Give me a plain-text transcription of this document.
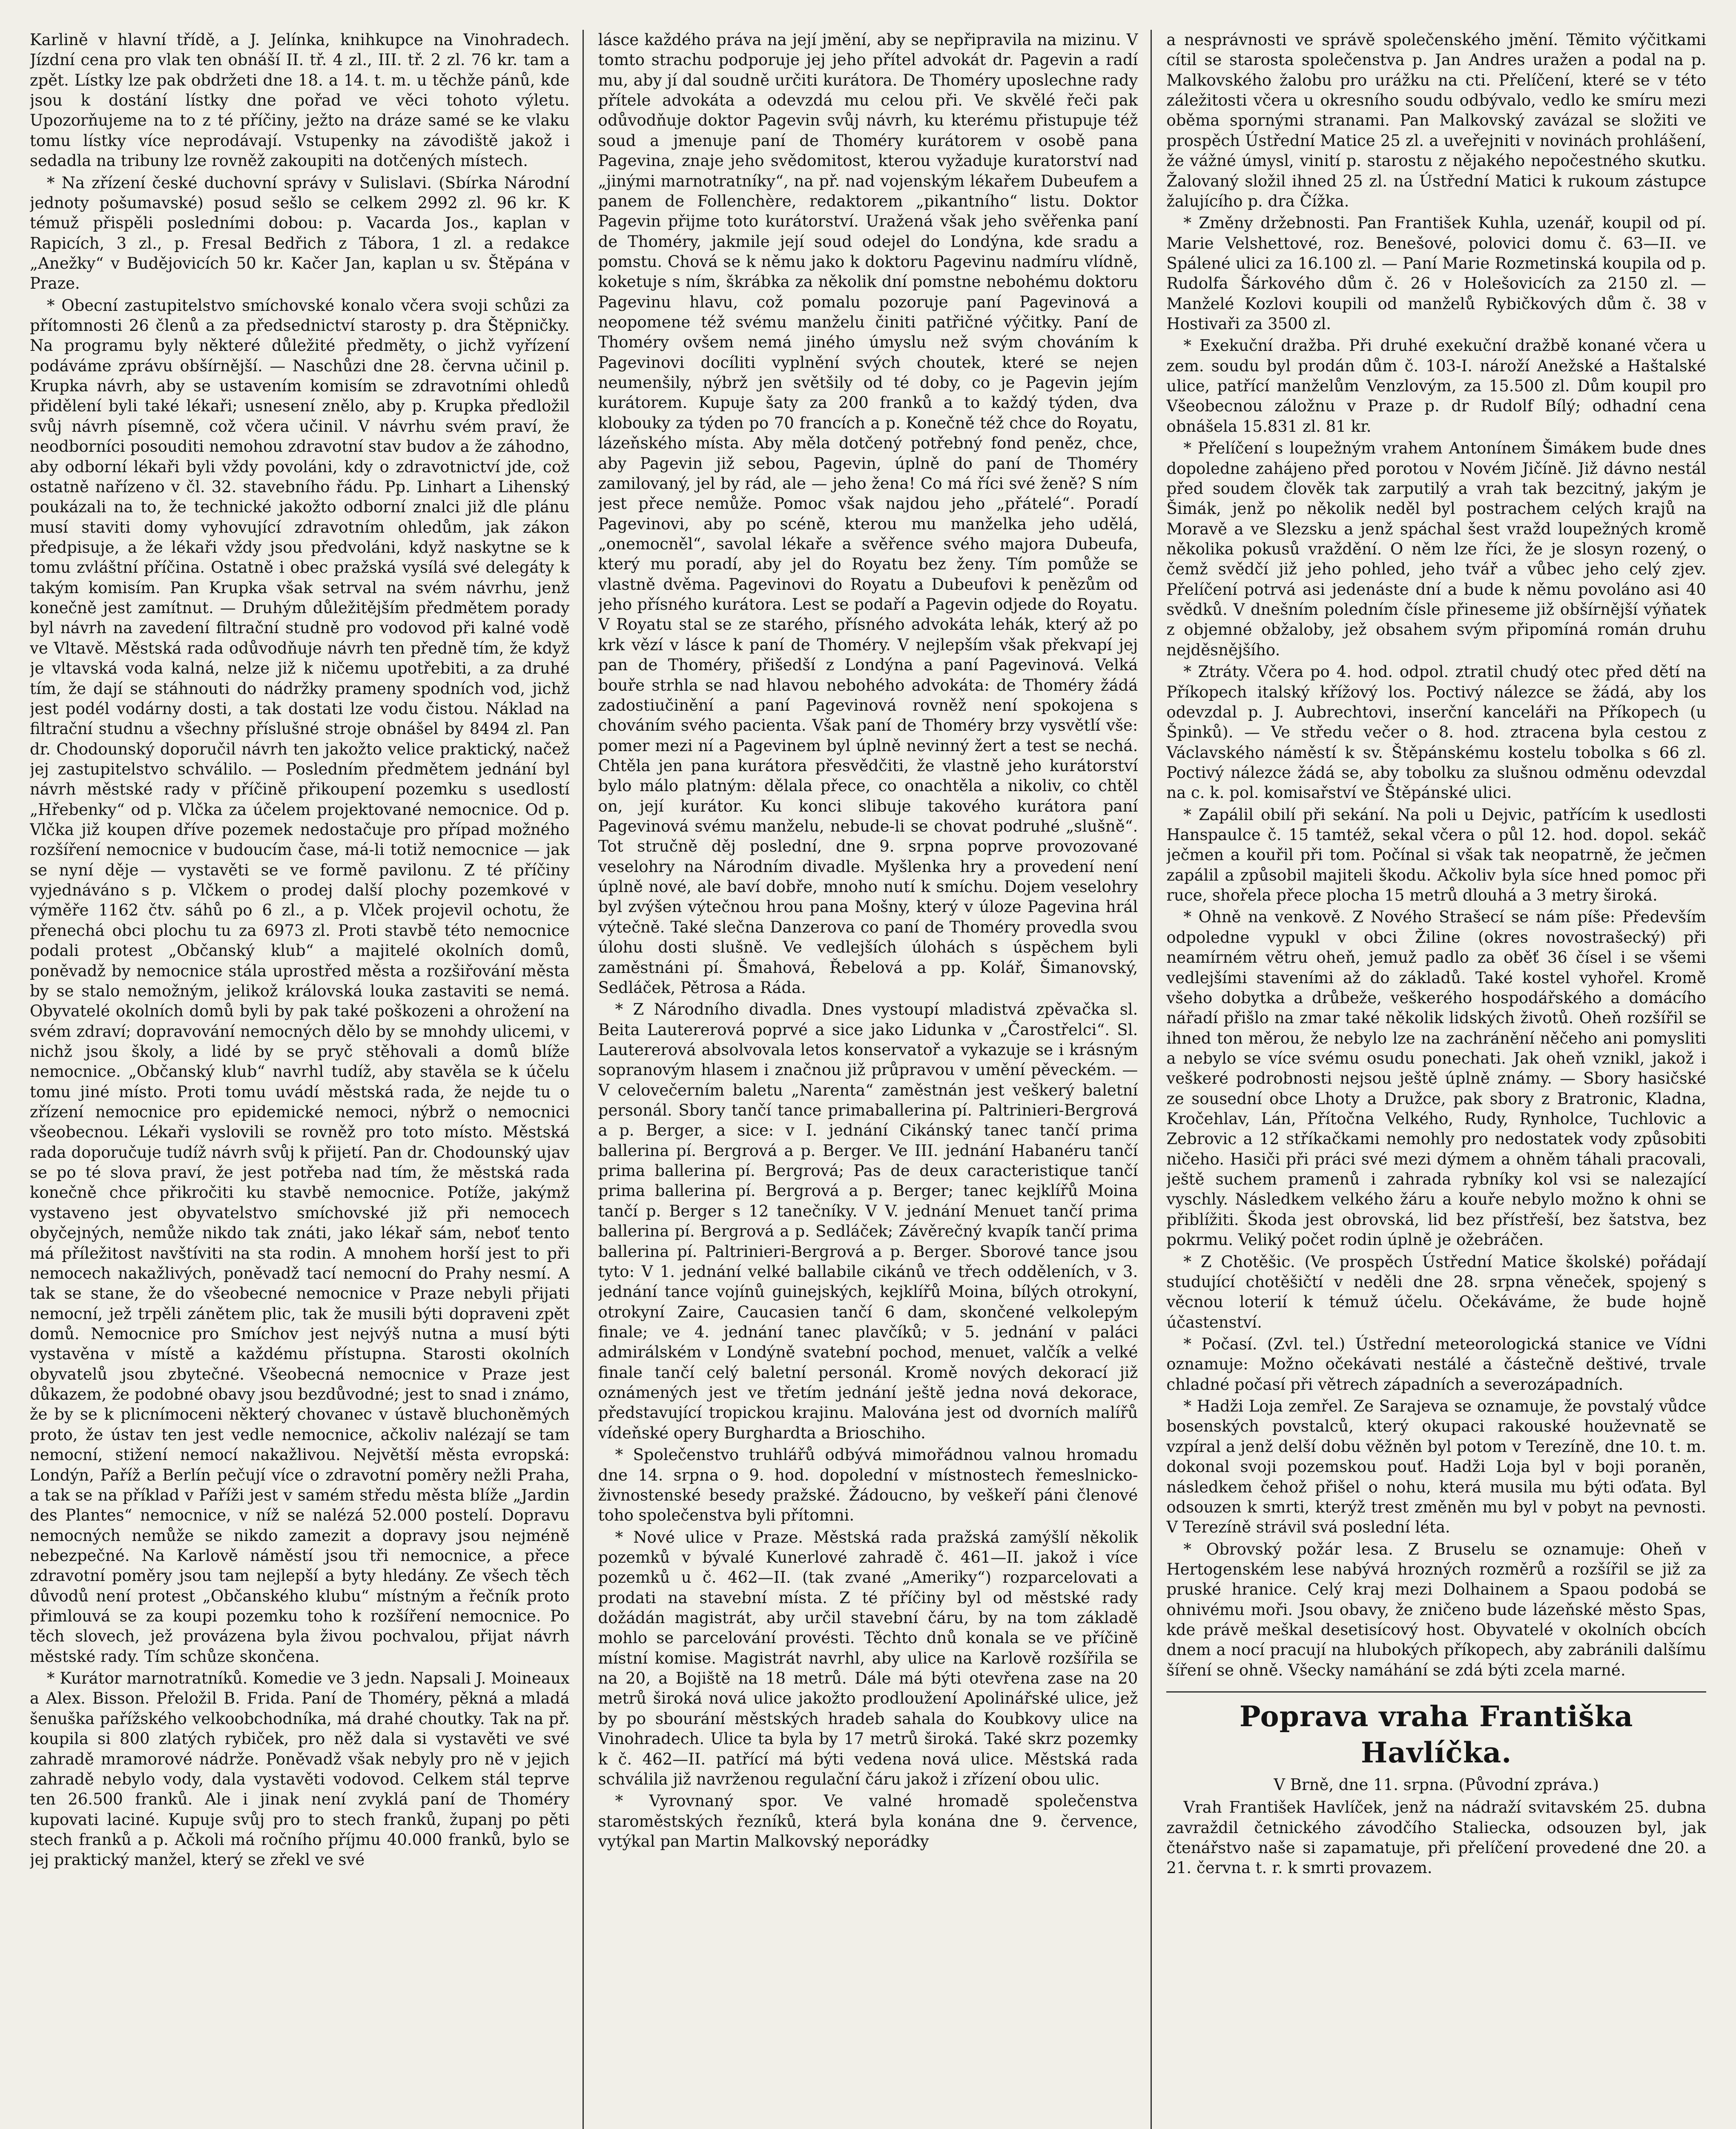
Karlině v hlavní třídě, a J. Jelínka, knihkupce na Vinohradech. Jízdní cena pro vlak ten obnáší II. tř. 4 zl., III. tř. 2 zl. 76 kr. tam a zpět. Lístky lze pak obdržeti dne 18. a 14. t. m. u těchže pánů, kde jsou k dostání lístky dne pořad ve věci tohoto výletu. Upozorňujeme na to z té příčiny, ježto na dráze samé se ke vlaku tomu lístky více neprodávají. Vstupenky na závodiště jakož i sedadla na tribuny lze rovněž zakoupiti na dotčených místech.

* Na zřízení české duchovní správy v Sulislavi. (Sbírka Národní jednoty pošumavské) posud sešlo se celkem 2992 zl. 96 kr. K témuž přispěli posledními dobou: p. Vacarda Jos., kaplan v Rapicích, 3 zl., p. Fresal Bedřich z Tábora, 1 zl. a redakce „Anežky“ v Budějovicích 50 kr. Kačer Jan, kaplan u sv. Štěpána v Praze.

* Obecní zastupitelstvo smíchovské konalo včera svoji schůzi za přítomnosti 26 členů a za předsednictví starosty p. dra Štěpničky. Na programu byly některé důležité předměty, o jichž vyřízení podáváme zprávu obšírnější. — Naschůzi dne 28. června učinil p. Krupka návrh, aby se ustavením komisím se zdravotními ohledů přidělení byli také lékaři; usnesení znělo, aby p. Krupka předložil svůj návrh písemně, což včera učinil. V návrhu svém praví, že neodborníci posouditi nemohou zdravotní stav budov a že záhodno, aby odborní lékaři byli vždy povoláni, kdy o zdravotnictví jde, což ostatně nařízeno v čl. 32. stavebního řádu. Pp. Linhart a Lihenský poukázali na to, že technické jakožto odborní znalci již dle plánu musí staviti domy vyhovující zdravotním ohledům, jak zákon předpisuje, a že lékaři vždy jsou předvoláni, když naskytne se k tomu zvláštní příčina. Ostatně i obec pražská vysílá své delegáty k takým komisím. Pan Krupka však setrval na svém návrhu, jenž konečně jest zamítnut. — Druhým důležitějším předmětem porady byl návrh na zavedení filtrační studně pro vodovod při kalné vodě ve Vltavě. Městská rada odůvodňuje návrh ten předně tím, že když je vltavská voda kalná, nelze již k ničemu upotřebiti, a za druhé tím, že dají se stáhnouti do nádržky prameny spodních vod, jichž jest podél vodárny dosti, a tak dostati lze vodu čistou. Náklad na filtrační studnu a všechny příslušné stroje obnášel by 8494 zl. Pan dr. Chodounský doporučil návrh ten jakožto velice praktický, načež jej zastupitelstvo schválilo. — Posledním předmětem jednání byl návrh městské rady v příčině přikoupení pozemku s usedlostí „Hřebenky“ od p. Vlčka za účelem projektované nemocnice. Od p. Vlčka již koupen dříve pozemek nedostačuje pro případ možného rozšíření nemocnice v budoucím čase, má-li totiž nemocnice — jak se nyní děje — vystavěti se ve formě pavilonu. Z té příčiny vyjednáváno s p. Vlčkem o prodej další plochy pozemkové v výměře 1162 čtv. sáhů po 6 zl., a p. Vlček projevil ochotu, že přenechá obci plochu tu za 6973 zl. Proti stavbě této nemocnice podali protest „Občanský klub“ a majitelé okolních domů, poněvadž by nemocnice stála uprostřed města a rozšiřování města by se stalo nemožným, jelikož královská louka zastaviti se nemá. Obyvatelé okolních domů byli by pak také poškozeni a ohrožení na svém zdraví; dopravování nemocných dělo by se mnohdy ulicemi, v nichž jsou školy, a lidé by se pryč stěhovali a domů blíže nemocnice. „Občanský klub“ navrhl tudíž, aby stavěla se k účelu tomu jiné místo. Proti tomu uvádí městská rada, že nejde tu o zřízení nemocnice pro epidemické nemoci, nýbrž o nemocnici všeobecnou. Lékaři vyslovili se rovněž pro toto místo. Městská rada doporučuje tudíž návrh svůj k přijetí. Pan dr. Chodounský ujav se po té slova praví, že jest potřeba nad tím, že městská rada konečně chce přikročiti ku stavbě nemocnice. Potíže, jakýmž vystaveno jest obyvatelstvo smíchovské již při nemocech obyčejných, nemůže nikdo tak znáti, jako lékař sám, neboť tento má příležitost navštíviti na sta rodin. A mnohem horší jest to při nemocech nakažlivých, poněvadž tací nemocní do Prahy nesmí. A tak se stane, že do všeobecné nemocnice v Praze nebyli přijati nemocní, jež trpěli zánětem plic, tak že musili býti dopraveni zpět domů. Nemocnice pro Smíchov jest nejvýš nutna a musí býti vystavěna v místě a každému přístupna. Starosti okolních obyvatelů jsou zbytečné. Všeobecná nemocnice v Praze jest důkazem, že podobné obavy jsou bezdůvodné; jest to snad i známo, že by se k plicnímoceni některý chovanec v ústavě bluchoněmých proto, že ústav ten jest vedle nemocnice, ačkoliv nalézají se tam nemocní, stižení nemocí nakažlivou. Největší města evropská: Londýn, Paříž a Berlín pečují více o zdravotní poměry nežli Praha, a tak se na příklad v Paříži jest v samém středu města blíže „Jardin des Plantes“ nemocnice, v níž se nalézá 52.000 postelí. Dopravu nemocných nemůže se nikdo zamezit a dopravy jsou nejméně nebezpečné. Na Karlově náměstí jsou tři nemocnice, a přece zdravotní poměry jsou tam nejlepší a byty hledány. Ze všech těch důvodů není protest „Občanského klubu“ místným a řečník proto přimlouvá se za koupi pozemku toho k rozšíření nemocnice. Po těch slovech, jež provázena byla živou pochvalou, přijat návrh městské rady. Tím schůze skončena.

* Kurátor marnotratníků. Komedie ve 3 jedn. Napsali J. Moineaux a Alex. Bisson. Přeložil B. Frida. Paní de Thoméry, pěkná a mladá šenuška pařížského velkoobchodníka, má drahé choutky. Tak na př. koupila si 800 zlatých rybiček, pro něž dala si vystavěti ve své zahradě mramorové nádrže. Poněvadž však nebyly pro ně v jejich zahradě nebylo vody, dala vystavěti vodovod. Celkem stál teprve ten 26.500 franků. Ale i jinak není zvyklá paní de Thoméry kupovati laciné. Kupuje svůj pro to stech franků, županj po pěti stech franků a p. Ačkoli má ročního příjmu 40.000 franků, bylo se jej praktický manžel, který se zřekl ve své

lásce každého práva na její jmění, aby se nepřipravila na mizinu. V tomto strachu podporuje jej jeho přítel advokát dr. Pagevin a radí mu, aby jí dal soudně určiti kurátora. De Thoméry uposlechne rady přítele advokáta a odevzdá mu celou při. Ve skvělé řeči pak odůvodňuje doktor Pagevin svůj návrh, ku kterému přistupuje též soud a jmenuje paní de Thoméry kurátorem v osobě pana Pagevina, znaje jeho svědomitost, kterou vyžaduje kuratorství nad „jinými marnotratníky“, na př. nad vojenským lékařem Dubeufem a panem de Follenchère, redaktorem „pikantního“ listu. Doktor Pagevin přijme toto kurátorství. Uražená však jeho svěřenka paní de Thoméry, jakmile její soud odejel do Londýna, kde sradu a pomstu. Chová se k němu jako k doktoru Pagevinu nadmíru vlídně, koketuje s ním, škrábka za několik dní pomstne nebohému doktoru Pagevinu hlavu, což pomalu pozoruje paní Pagevinová a neopomene též svému manželu činiti patřičné výčitky. Paní de Thoméry ovšem nemá jiného úmyslu než svým chováním k Pagevinovi docíliti vyplnění svých choutek, které se nejen neumenšily, nýbrž jen světšily od té doby, co je Pagevin jejím kurátorem. Kupuje šaty za 200 franků a to každý týden, dva klobouky za týden po 70 francích a p. Konečně též chce do Royatu, lázeňského místa. Aby měla dotčený potřebný fond peněz, chce, aby Pagevin již sebou, Pagevin, úplně do paní de Thoméry zamilovaný, jel by rád, ale — jeho žena! Co má říci své ženě? S ním jest přece nemůže. Pomoc však najdou jeho „přátelé“. Poradí Pagevinovi, aby po scéně, kterou mu manželka jeho udělá, „onemocněl“, savolal lékaře a svěřence svého majora Dubeufa, který mu poradí, aby jel do Royatu bez ženy. Tím pomůže se vlastně dvěma. Pagevinovi do Royatu a Dubeufovi k penězům od jeho přísného kurátora. Lest se podaří a Pagevin odjede do Royatu. V Royatu stal se ze starého, přísného advokáta lehák, který až po krk vězí v lásce k paní de Thoméry. V nejlepším však překvapí jej pan de Thoméry, přišedší z Londýna a paní Pagevinová. Velká bouře strhla se nad hlavou nebohého advokáta: de Thoméry žádá zadostiučinění a paní Pagevinová rovněž není spokojena s chováním svého pacienta. Však paní de Thoméry brzy vysvětlí vše: pomer mezi ní a Pagevinem byl úplně nevinný žert a test se nechá. Chtěla jen pana kurátora přesvědčiti, že vlastně jeho kurátorství bylo málo platným: dělala přece, co onachtěla a nikoliv, co chtěl on, její kurátor. Ku konci slibuje takového kurátora paní Pagevinová svému manželu, nebude-li se chovat podruhé „slušně“. Tot stručně děj poslední, dne 9. srpna poprve provozované veselohry na Národním divadle. Myšlenka hry a provedení není úplně nové, ale baví dobře, mnoho nutí k smíchu. Dojem veselohry byl zvýšen výtečnou hrou pana Mošny, který v úloze Pagevina hrál výtečně. Také slečna Danzerova co paní de Thoméry provedla svou úlohu dosti slušně. Ve vedlejších úlohách s úspěchem byli zaměstnáni pí. Šmahová, Řebelová a pp. Kolář, Šimanovský, Sedláček, Pětrosa a Ráda.

* Z Národního divadla. Dnes vystoupí mladistvá zpěvačka sl. Beita Lautererová poprvé a sice jako Lidunka v „Čarostřelci“. Sl. Lautererová absolvovala letos konservatoř a vykazuje se i krásným sopranovým hlasem i značnou již průpravou v umění pěveckém. — V celovečerním baletu „Narenta“ zaměstnán jest veškerý baletní personál. Sbory tančí tance primaballerina pí. Paltrinieri-Bergrová a p. Berger, a sice: v I. jednání Cikánský tanec tančí prima ballerina pí. Bergrová a p. Berger. Ve III. jednání Habanéru tančí prima ballerina pí. Bergrová; Pas de deux caracteristique tančí prima ballerina pí. Bergrová a p. Berger; tanec kejklířů Moina tančí p. Berger s 12 tanečníky. V V. jednání Menuet tančí prima ballerina pí. Bergrová a p. Sedláček; Závěrečný kvapík tančí prima ballerina pí. Paltrinieri-Bergrová a p. Berger. Sborové tance jsou tyto: V 1. jednání velké ballabile cikánů ve třech odděleních, v 3. jednání tance vojínů guinejských, kejklířů Moina, bílých otrokyní, otrokyní Zaire, Caucasien tančí 6 dam, skončené velkolepým finale; ve 4. jednání tanec plavčíků; v 5. jednání v paláci admirálském v Londýně svatební pochod, menuet, valčík a velké finale tančí celý baletní personál. Kromě nových dekorací již oznámených jest ve třetím jednání ještě jedna nová dekorace, představující tropickou krajinu. Malována jest od dvorních malířů vídeňské opery Burghardta a Brioschiho.

* Společenstvo truhlářů odbývá mimořádnou valnou hromadu dne 14. srpna o 9. hod. dopolední v místnostech řemeslnicko-živnostenské besedy pražské. Žádoucno, by veškeří páni členové toho společenstva byli přítomni.

* Nové ulice v Praze. Městská rada pražská zamýšlí několik pozemků v bývalé Kunerlové zahradě č. 461—II. jakož i více pozemků u č. 462—II. (tak zvané „Ameriky“) rozparcelovati a prodati na stavební místa. Z té příčiny byl od městské rady dožádán magistrát, aby určil stavební čáru, by na tom základě mohlo se parcelování provésti. Těchto dnů konala se ve příčině místní komise. Magistrát navrhl, aby ulice na Karlově rozšířila se na 20, a Bojiště na 18 metrů. Dále má býti otevřena zase na 20 metrů široká nová ulice jakožto prodloužení Apolinářské ulice, jež by po sbourání městských hradeb sahala do Koubkovy ulice na Vinohradech. Ulice ta byla by 17 metrů široká. Také skrz pozemky k č. 462—II. patřící má býti vedena nová ulice. Městská rada schválila již navrženou regulační čáru jakož i zřízení obou ulic.

* Vyrovnaný spor. Ve valné hromadě společenstva staroměstských řezníků, která byla konána dne 9. července, vytýkal pan Martin Malkovský neporádky

a nesprávnosti ve správě společenského jmění. Těmito výčitkami cítil se starosta společenstva p. Jan Andres uražen a podal na p. Malkovského žalobu pro urážku na cti. Přelíčení, které se v této záležitosti včera u okresního soudu odbývalo, vedlo ke smíru mezi oběma spornými stranami. Pan Malkovský zavázal se složiti ve prospěch Ústřední Matice 25 zl. a uveřejniti v novinách prohlášení, že vážné úmysl, vinití p. starostu z nějakého nepočestného skutku. Žalovaný složil ihned 25 zl. na Ústřední Matici k rukoum zástupce žalujícího p. dra Čížka.

* Změny držebnosti. Pan František Kuhla, uzenář, koupil od pí. Marie Velshettové, roz. Benešové, polovici domu č. 63—II. ve Spálené ulici za 16.100 zl. — Paní Marie Rozmetinská koupila od p. Rudolfa Šárkového dům č. 26 v Holešovicích za 2150 zl. — Manželé Kozlovi koupili od manželů Rybičkových dům č. 38 v Hostivaři za 3500 zl.

* Exekuční dražba. Při druhé exekuční dražbě konané včera u zem. soudu byl prodán dům č. 103-I. nároží Anežské a Haštalské ulice, patřící manželům Venzlovým, za 15.500 zl. Dům koupil pro Všeobecnou záložnu v Praze p. dr Rudolf Bílý; odhadní cena obnášela 15.831 zl. 81 kr.

* Přelíčení s loupežným vrahem Antonínem Šimákem bude dnes dopoledne zahájeno před porotou v Novém Jičíně. Již dávno nestál před soudem člověk tak zarputilý a vrah tak bezcitný, jakým je Šimák, jenž po několik neděl byl postrachem celých krajů na Moravě a ve Slezsku a jenž spáchal šest vražd loupežných kromě několika pokusů vraždění. O něm lze říci, že je slosyn rozený, o čemž svědčí již jeho pohled, jeho tvář a vůbec jeho celý zjev. Přelíčení potrvá asi jedenáste dní a bude k němu povoláno asi 40 svědků. V dnešním poledním čísle přineseme již obšírnější výňatek z objemné obžaloby, jež obsahem svým připomíná román druhu nejděsnějšího.

* Ztráty. Včera po 4. hod. odpol. ztratil chudý otec před dětí na Příkopech italský křížový los. Poctivý nálezce se žádá, aby los odevzdal p. J. Aubrechtovi, inserční kanceláři na Příkopech (u Špinků). — Ve středu večer o 8. hod. ztracena byla cestou z Václavského náměstí k sv. Štěpánskému kostelu tobolka s 66 zl. Poctivý nálezce žádá se, aby tobolku za slušnou odměnu odevzdal na c. k. pol. komisařství ve Štěpánské ulici.

* Zapálil obilí při sekání. Na poli u Dejvic, patřícím k usedlosti Hanspaulce č. 15 tamtéž, sekal včera o půl 12. hod. dopol. sekáč ječmen a kouřil při tom. Počínal si však tak neopatrně, že ječmen zapálil a způsobil majiteli škodu. Ačkoliv byla síce hned pomoc při ruce, shořela přece plocha 15 metrů dlouhá a 3 metry široká.

* Ohně na venkově. Z Nového Strašecí se nám píše: Především odpoledne vypukl v obci Žiline (okres novostrašecký) při neamírném větru oheň, jemuž padlo za oběť 36 čísel i se všemi vedlejšími staveními až do základů. Také kostel vyhořel. Kromě všeho dobytka a drůbeže, veškerého hospodářského a domácího nářadí přišlo na zmar také několik lidských životů. Oheň rozšířil se ihned ton měrou, že nebylo lze na zachránění něčeho ani pomysliti a nebylo se více svému osudu ponechati. Jak oheň vznikl, jakož i veškeré podrobnosti nejsou ještě úplně známy. — Sbory hasičské ze sousední obce Lhoty a Družce, pak sbory z Bratronic, Kladna, Kročehlav, Lán, Přítočna Velkého, Rudy, Rynholce, Tuchlovic a Zebrovic a 12 stříkačkami nemohly pro nedostatek vody způsobiti ničeho. Hasiči při práci své mezi dýmem a ohněm táhali pracovali, ještě suchem pramenů i zahrada rybníky kol vsi se nalezající vyschly. Následkem velkého žáru a kouře nebylo možno k ohni se přiblížiti. Škoda jest obrovská, lid bez přístřeší, bez šatstva, bez pokrmu. Veliký počet rodin úplně je ožebráčen.

* Z Chotěšic. (Ve prospěch Ústřední Matice školské) pořádají studující chotěšičtí v neděli dne 28. srpna věneček, spojený s věcnou loterií k témuž účelu. Očekáváme, že bude hojně účastenství.

* Počasí. (Zvl. tel.) Ústřední meteorologická stanice ve Vídni oznamuje: Možno očekávati nestálé a částečně deštivé, trvale chladné počasí při větrech západních a severozápadních.

* Hadži Loja zemřel. Ze Sarajeva se oznamuje, že povstalý vůdce bosenských povstalců, který okupaci rakouské houževnatě se vzpíral a jenž delší dobu věžněn byl potom v Terezíně, dne 10. t. m. dokonal svoji pozemskou pouť. Hadži Loja byl v boji poraněn, následkem čehož přišel o nohu, která musila mu býti oďata. Byl odsouzen k smrti, kterýž trest změněn mu byl v pobyt na pevnosti. V Terezíně strávil svá poslední léta.

* Obrovský požár lesa. Z Bruselu se oznamuje: Oheň v Hertogenském lese nabývá hrozných rozměrů a rozšířil se již za pruské hranice. Celý kraj mezi Dolhainem a Spaou podobá se ohnivému moři. Jsou obavy, že zničeno bude lázeňské město Spas, kde právě meškal desetisícový host. Obyvatelé v okolních obcích dnem a nocí pracují na hlubokých příkopech, aby zabránili dalšímu šíření se ohně. Všecky namáhání se zdá býti zcela marné.

Poprava vraha Františka Havlíčka.

V Brně, dne 11. srpna. (Původní zpráva.)

Vrah František Havlíček, jenž na nádraží svitavském 25. dubna zavraždil četnického závodčího Staliecka, odsouzen byl, jak čtenářstvo naše si zapamatuje, při přelíčení provedené dne 20. a 21. června t. r. k smrti provazem.
